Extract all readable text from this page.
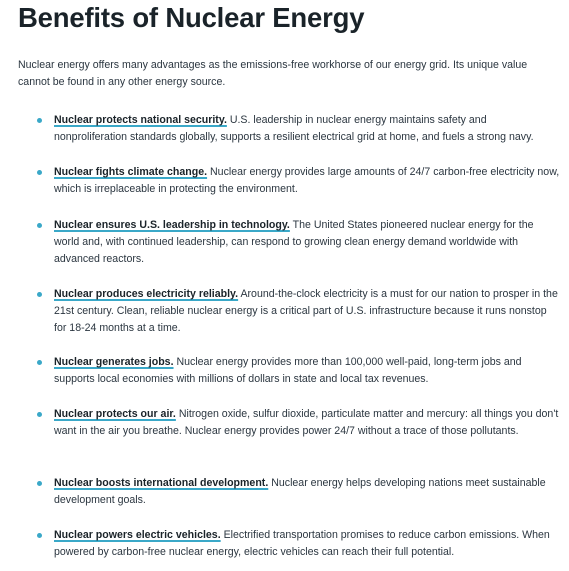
Benefits of Nuclear Energy

Nuclear energy offers many advantages as the emissions-free workhorse of our energy grid. Its unique value cannot be found in any other energy source.

Nuclear protects national security. U.S. leadership in nuclear energy maintains safety and nonproliferation standards globally, supports a resilient electrical grid at home, and fuels a strong navy.
Nuclear fights climate change. Nuclear energy provides large amounts of 24/7 carbon-free electricity now, which is irreplaceable in protecting the environment.
Nuclear ensures U.S. leadership in technology. The United States pioneered nuclear energy for the world and, with continued leadership, can respond to growing clean energy demand worldwide with advanced reactors.
Nuclear produces electricity reliably. Around-the-clock electricity is a must for our nation to prosper in the 21st century. Clean, reliable nuclear energy is a critical part of U.S. infrastructure because it runs nonstop for 18-24 months at a time.
Nuclear generates jobs. Nuclear energy provides more than 100,000 well-paid, long-term jobs and supports local economies with millions of dollars in state and local tax revenues.
Nuclear protects our air. Nitrogen oxide, sulfur dioxide, particulate matter and mercury: all things you don't want in the air you breathe. Nuclear energy provides power 24/7 without a trace of those pollutants.
Nuclear boosts international development. Nuclear energy helps developing nations meet sustainable development goals.
Nuclear powers electric vehicles. Electrified transportation promises to reduce carbon emissions. When powered by carbon-free nuclear energy, electric vehicles can reach their full potential.
